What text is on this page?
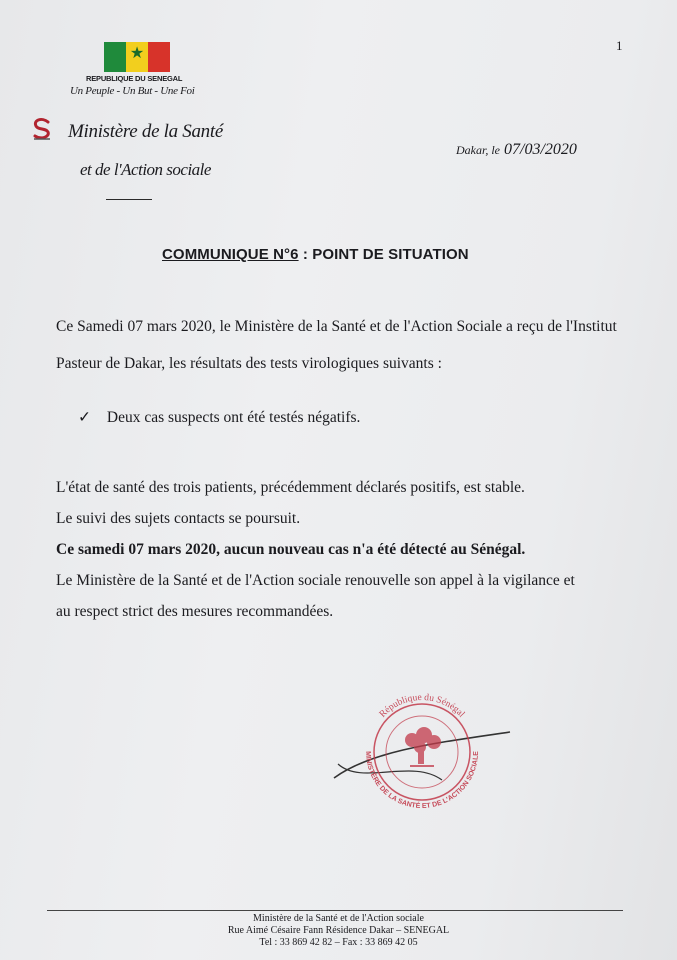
1
★
REPUBLIQUE DU SENEGAL
Un Peuple - Un But - Une Foi
Ministère de la Santé
et de l'Action sociale
Dakar, le 07/03/2020
COMMUNIQUE N°6 : POINT DE SITUATION
Ce Samedi 07 mars 2020, le Ministère de la Santé et de l'Action Sociale a reçu de l'Institut Pasteur de Dakar, les résultats des tests virologiques suivants :
✓ Deux cas suspects ont été testés négatifs.
L'état de santé des trois patients, précédemment déclarés positifs, est stable.
Le suivi des sujets contacts se poursuit.
Ce samedi 07 mars 2020, aucun nouveau cas n'a été détecté au Sénégal.
Le Ministère de la Santé et de l'Action sociale renouvelle son appel à la vigilance et
au respect strict des mesures recommandées.
République du Sénégal
MINISTÈRE DE LA SANTÉ ET DE L'ACTION SOCIALE
Ministère de la Santé et de l'Action sociale
Rue Aimé Césaire Fann Résidence Dakar – SENEGAL
Tel : 33 869 42 82 – Fax : 33 869 42 05
